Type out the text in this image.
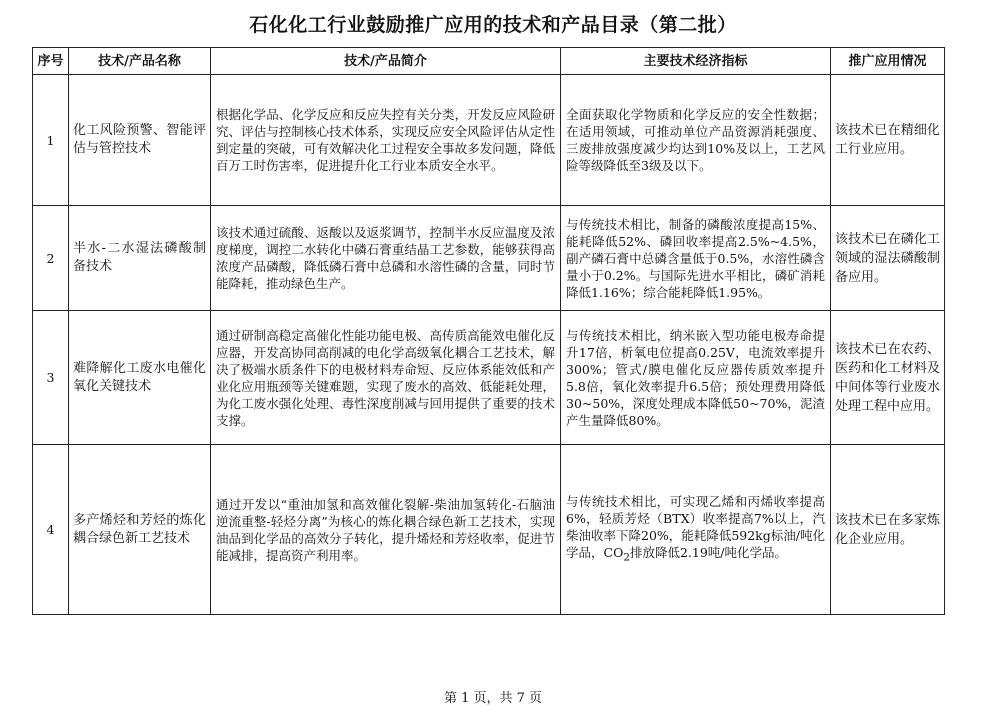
石化化工行业鼓励推广应用的技术和产品目录（第二批）
序号	技术/产品名称	技术/产品简介	主要技术经济指标	推广应用情况
1	化工风险预警、智能评估与管控技术	根据化学品、化学反应和反应失控有关分类，开发反应风险研究、评估与控制核心技术体系，实现反应安全风险评估从定性到定量的突破，可有效解决化工过程安全事故多发问题，降低百万工时伤害率，促进提升化工行业本质安全水平。	全面获取化学物质和化学反应的安全性数据；在适用领域，可推动单位产品资源消耗强度、三废排放强度减少均达到10%及以上，工艺风险等级降低至3级及以下。	该技术已在精细化工行业应用。
2	半水-二水湿法磷酸制备技术	该技术通过硫酸、返酸以及返浆调节，控制半水反应温度及浓度梯度，调控二水转化中磷石膏重结晶工艺参数，能够获得高浓度产品磷酸，降低磷石膏中总磷和水溶性磷的含量，同时节能降耗，推动绿色生产。	与传统技术相比，制备的磷酸浓度提高15%、能耗降低52%、磷回收率提高2.5%~4.5%，副产磷石膏中总磷含量低于0.5%，水溶性磷含量小于0.2%。与国际先进水平相比，磷矿消耗降低1.16%；综合能耗降低1.95%。	该技术已在磷化工领域的湿法磷酸制备应用。
3	难降解化工废水电催化氧化关键技术	通过研制高稳定高催化性能功能电极、高传质高能效电催化反应器，开发高协同高削减的电化学高级氧化耦合工艺技术，解决了极端水质条件下的电极材料寿命短、反应体系能效低和产业化应用瓶颈等关键难题，实现了废水的高效、低能耗处理，为化工废水强化处理、毒性深度削减与回用提供了重要的技术支撑。	与传统技术相比，纳米嵌入型功能电极寿命提升17倍，析氧电位提高0.25V，电流效率提升300%；管式/膜电催化反应器传质效率提升5.8倍，氧化效率提升6.5倍；预处理费用降低30~50%，深度处理成本降低50~70%，泥渣产生量降低80%。	该技术已在农药、医药和化工材料及中间体等行业废水处理工程中应用。
4	多产烯烃和芳烃的炼化耦合绿色新工艺技术	通过开发以“重油加氢和高效催化裂解-柴油加氢转化-石脑油逆流重整-轻烃分离”为核心的炼化耦合绿色新工艺技术，实现油品到化学品的高效分子转化，提升烯烃和芳烃收率，促进节能减排，提高资产利用率。	与传统技术相比，可实现乙烯和丙烯收率提高6%，轻质芳烃（BTX）收率提高7%以上，汽柴油收率下降20%，能耗降低592kg标油/吨化学品，$CO_2$排放降低2.19吨/吨化学品。	该技术已在多家炼化企业应用。
第 1 页，共 7 页
